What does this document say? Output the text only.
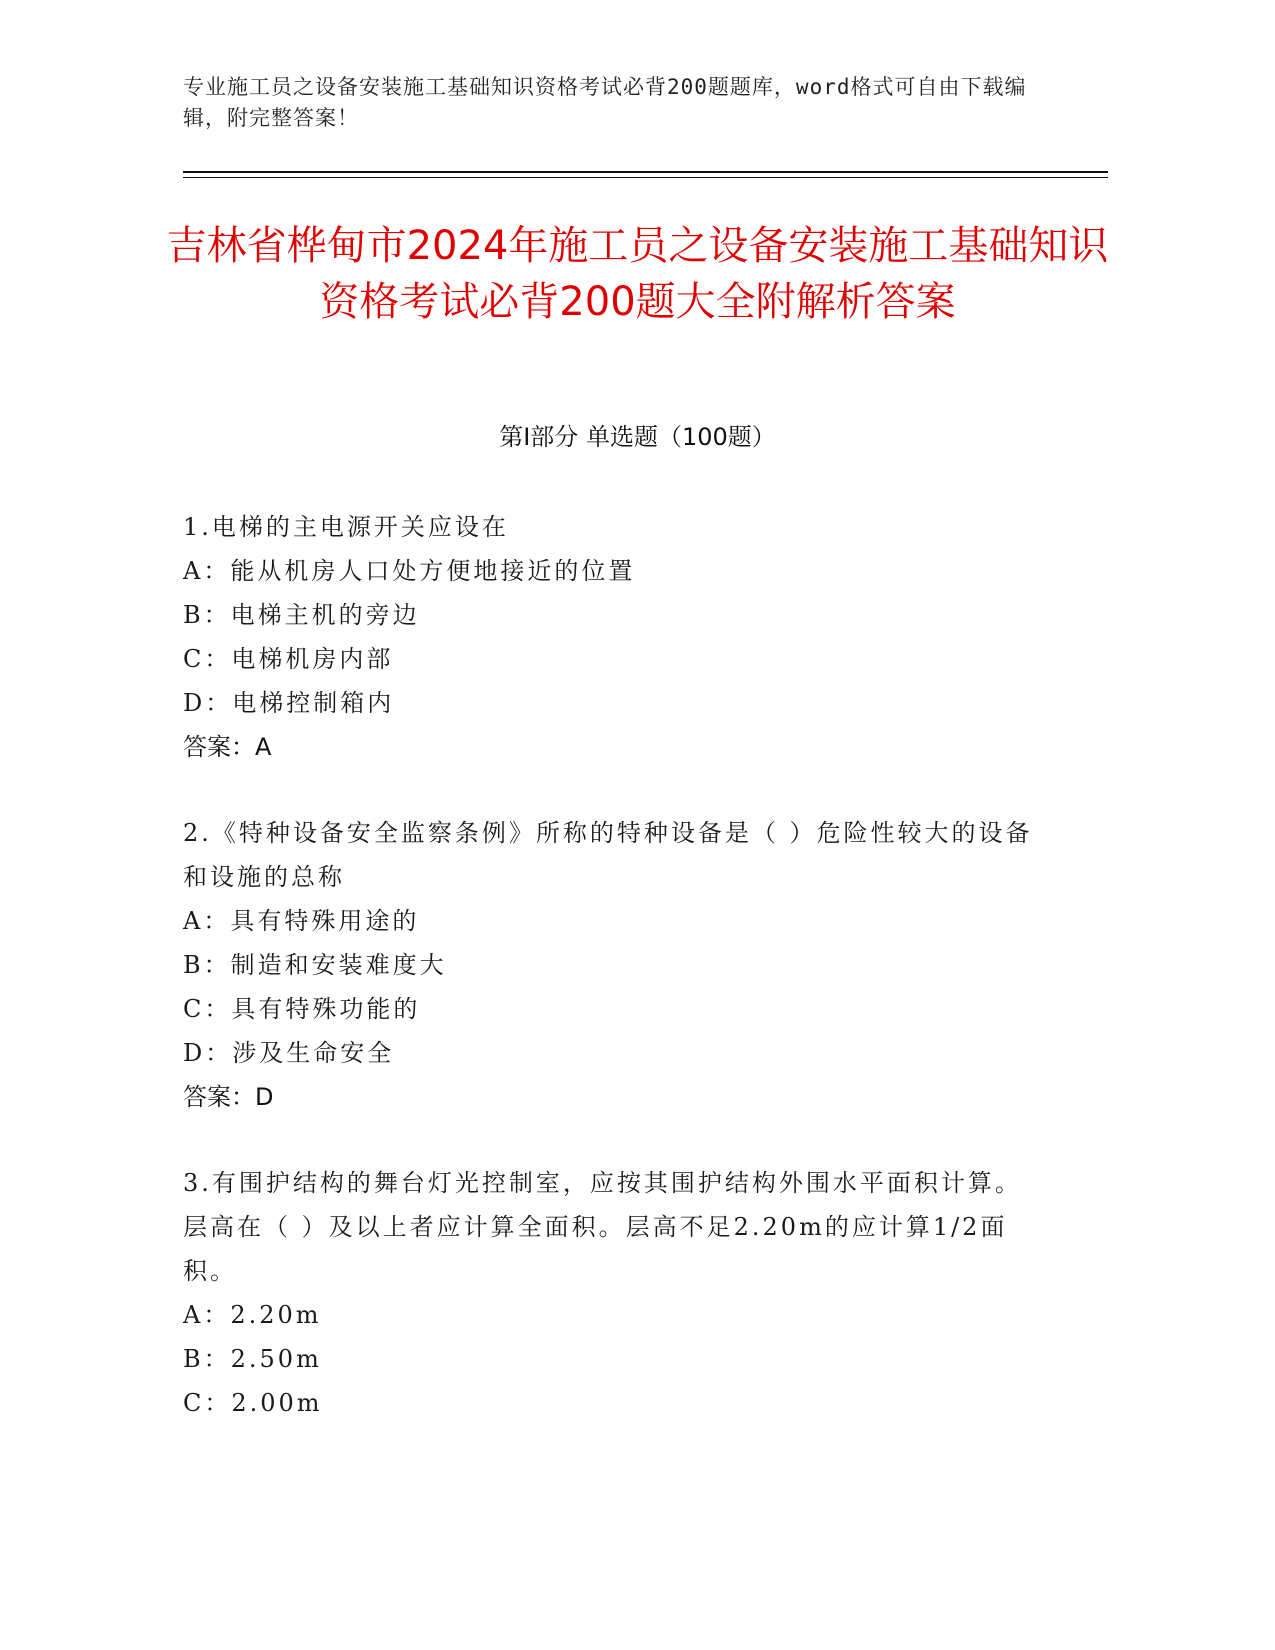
专业施工员之设备安装施工基础知识资格考试必背200题题库，word格式可自由下载编辑，附完整答案！
吉林省桦甸市2024年施工员之设备安装施工基础知识资格考试必背200题大全附解析答案
第Ⅰ部分 单选题（100题）
1.电梯的主电源开关应设在
A：能从机房人口处方便地接近的位置
B：电梯主机的旁边
C：电梯机房内部
D：电梯控制箱内
答案：A
2.《特种设备安全监察条例》所称的特种设备是（ ）危险性较大的设备和设施的总称
A：具有特殊用途的
B：制造和安装难度大
C：具有特殊功能的
D：涉及生命安全
答案：D
3.有围护结构的舞台灯光控制室，应按其围护结构外围水平面积计算。层高在（ ）及以上者应计算全面积。层高不足2.20m的应计算1/2面积。
A：2.20m
B：2.50m
C：2.00m
